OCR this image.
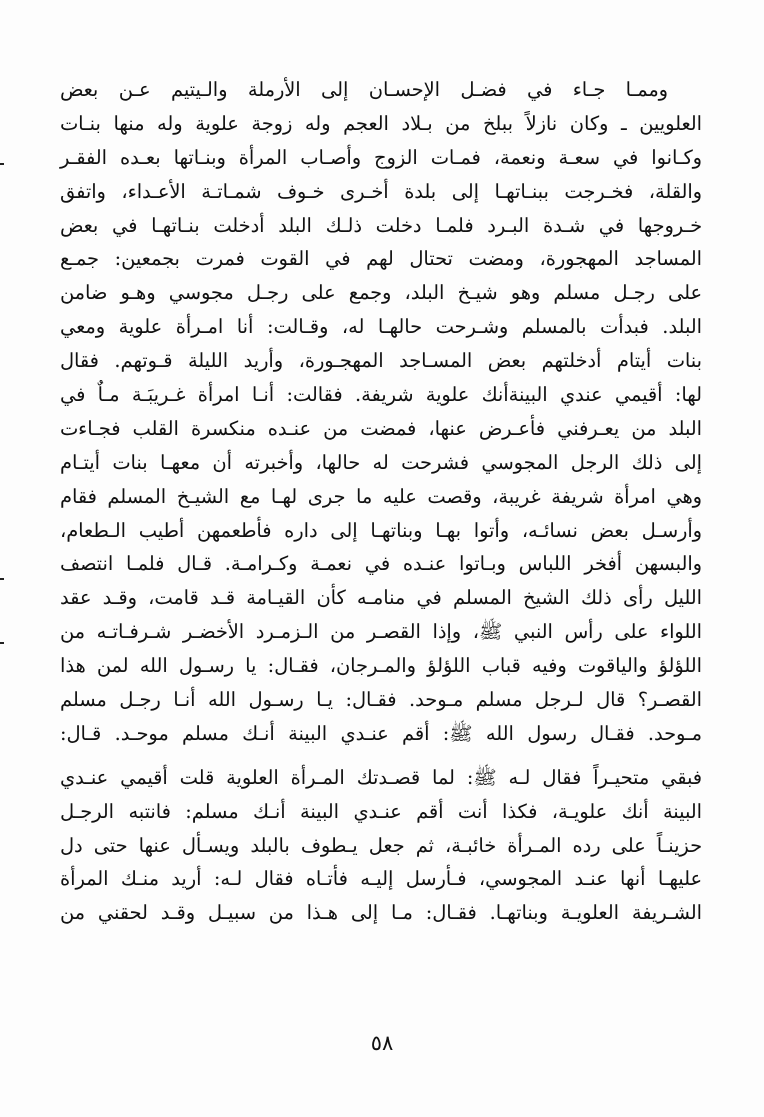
وممـا جـاء في فضـل الإحسـان إلى الأرملة والـيتيم عـن بعض
العلويين ـ وكان نازلاً ببلخ من بـلاد العجم وله زوجة علوية وله منها بنـات
وكـانوا في سعـة ونعمة، فمـات الزوج وأصـاب المرأة وبنـاتها بعـده الفقـر
والقلة، فخـرجت ببنـاتهـا إلى بلدة أخـرى خـوف شمـاتـة الأعـداء، واتفق
خـروجها في شـدة البـرد فلمـا دخلت ذلـك البلد أدخلت بنـاتهـا في بعض
المساجد المهجورة، ومضت تحتال لهم في القوت فمرت بجمعين: جمـع
على رجـل مسلم وهو شيـخ البلد، وجمع على رجـل مجوسي وهـو ضامن
البلد. فبدأت بالمسلم وشـرحت حالهـا له، وقـالت: أنا امـرأة علوية ومعي
بنات أيتام أدخلتهم بعض المسـاجد المهجـورة، وأريد الليلة قـوتهم. فقال
لها: أقيمي عندي البينةأنك علوية شريفة. فقالت: أنـا امرأة غـريبَـة مـاٌ في
البلد من يعـرفني فأعـرض عنها، فمضت من عنـده منكسرة القلب فجـاءت
إلى ذلك الرجل المجوسي فشرحت له حالها، وأخبرته أن معهـا بنات أيتـام
وهي امرأة شريفة غريبة، وقصت عليه ما جرى لهـا مع الشيـخ المسلم فقام
وأرسـل بعض نسائـه، وأتوا بهـا وبناتهـا إلى داره فأطعمهن أطيب الـطعام،
والبسهن أفخر اللباس وبـاتوا عنـده في نعمـة وكـرامـة. قـال فلمـا انتصف
الليل رأى ذلك الشيخ المسلم في منامـه كأن القيـامة قـد قامت، وقـد عقد
اللواء على رأس النبي ﷺ، وإذا القصـر من الـزمـرد الأخضـر شـرفـاتـه من
اللؤلؤ والياقوت وفيه قباب اللؤلؤ والمـرجان، فقـال: يا رسـول الله لمن هذا
القصـر؟ قال لـرجل مسلم مـوحد. فقـال: يـا رسـول الله أنـا رجـل مسلم
مـوحد. فقـال رسول الله ﷺ: أقم عنـدي البينة أنـك مسلم موحـد. قـال:
فبقي متحيـراً فقال لـه ﷺ: لما قصـدتك المـرأة العلوية قلت أقيمي عنـدي
البينة أنك علويـة، فكذا أنت أقم عنـدي البينة أنـك مسلم: فانتبه الرجـل
حزينـاً على رده المـرأة خائبـة، ثم جعل يـطوف بالبلد ويسـأل عنها حتى دل
عليهـا أنها عنـد المجوسي، فـأرسل إليـه فأتـاه فقال لـه: أريد منـك المرأة
الشـريفة العلويـة وبناتهـا. فقـال: مـا إلى هـذا من سبيـل وقـد لحقني من
٥٨
